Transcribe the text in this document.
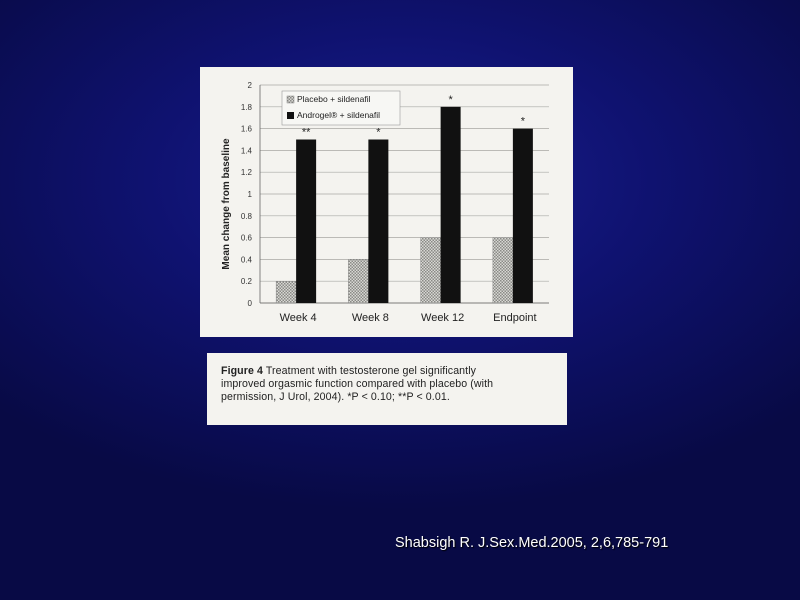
0
0.2
0.4
0.6
0.8
1
1.2
1.4
1.6
1.8
2
Mean change from baseline
**
Week 4
*
Week 8
*
Week 12
*
Endpoint
Placebo + sildenafil
Androgel® + sildenafil
Figure 4 Treatment with testosterone gel significantly
improved orgasmic function compared with placebo (with
permission, J Urol, 2004). *P < 0.10; **P < 0.01.
Shabsigh R. J.Sex.Med.2005, 2,6,785-791
